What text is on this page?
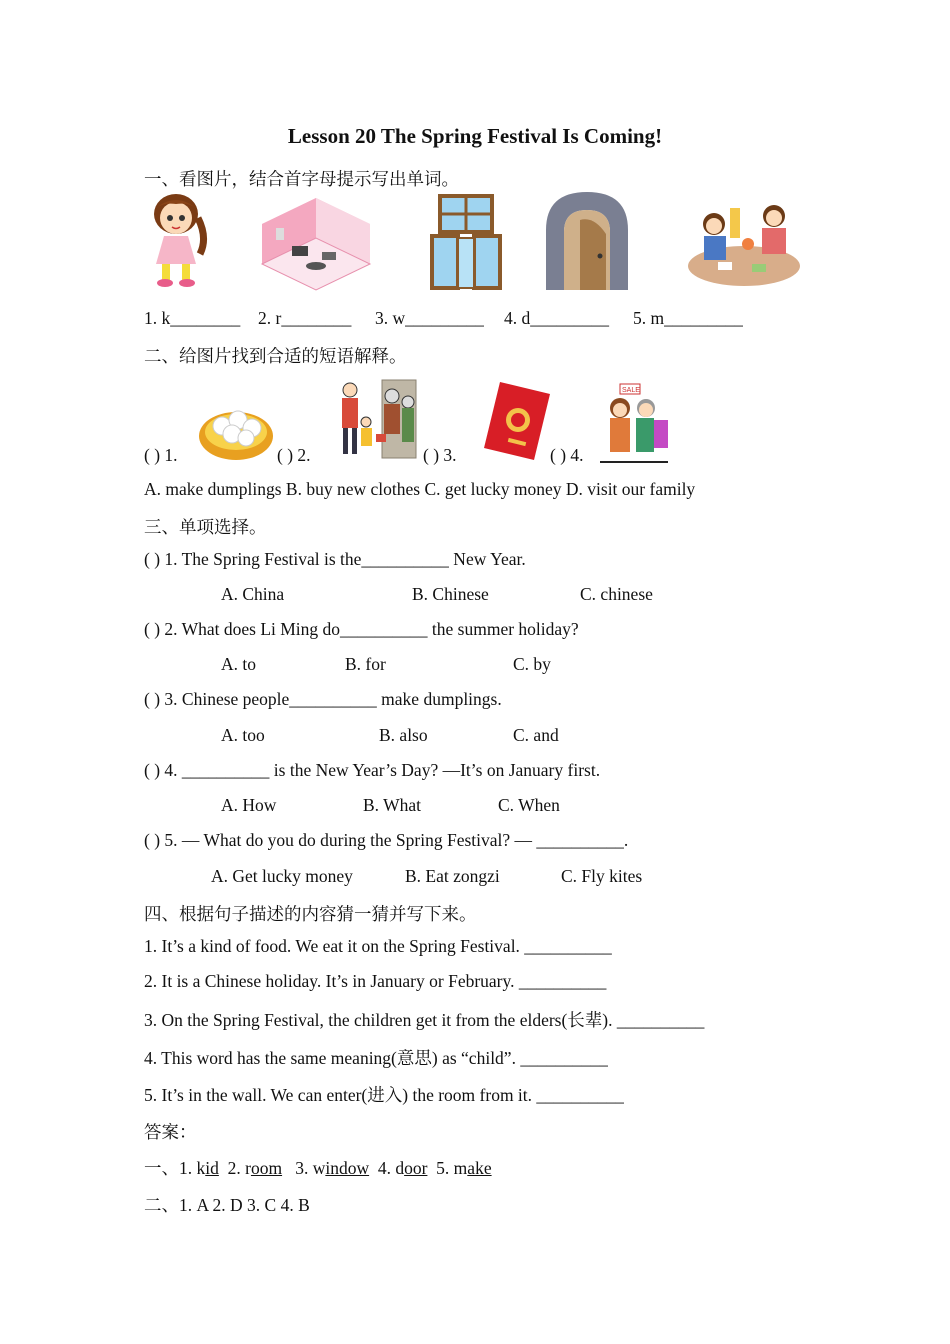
Lesson 20 The Spring Festival Is Coming!
一、看图片，结合首字母提示写出单词。
1. k________ 2. r________ 3. w_________ 4. d_________ 5. m_________
二、给图片找到合适的短语解释。
SALE
( ) 1.	( ) 2.	( ) 3.	( ) 4.
A. make dumplings B. buy new clothes C. get lucky money D. visit our family
三、单项选择。
( ) 1. The Spring Festival is the__________ New Year.
A. China	B. Chinese	C. chinese
( ) 2. What does Li Ming do__________ the summer holiday?
A. to	B. for	C. by
( ) 3. Chinese people__________ make dumplings.
A. too	B. also	C. and
( ) 4. __________ is the New Year’s Day? —It’s on January first.
A. How	B. What	C. When
( ) 5. — What do you do during the Spring Festival? — __________.
A. Get lucky money	B. Eat zongzi	C. Fly kites
四、根据句子描述的内容猜一猜并写下来。
1. It’s a kind of food. We eat it on the Spring Festival. __________
2. It is a Chinese holiday. It’s in January or February. __________
3. On the Spring Festival, the children get it from the elders(长辈). __________
4. This word has the same meaning(意思) as “child”. __________
5. It’s in the wall. We can enter(进入) the room from it. __________
答案：
一、1. kid  2. room   3. window  4. door  5. make
二、1. A 2. D 3. C 4. B
